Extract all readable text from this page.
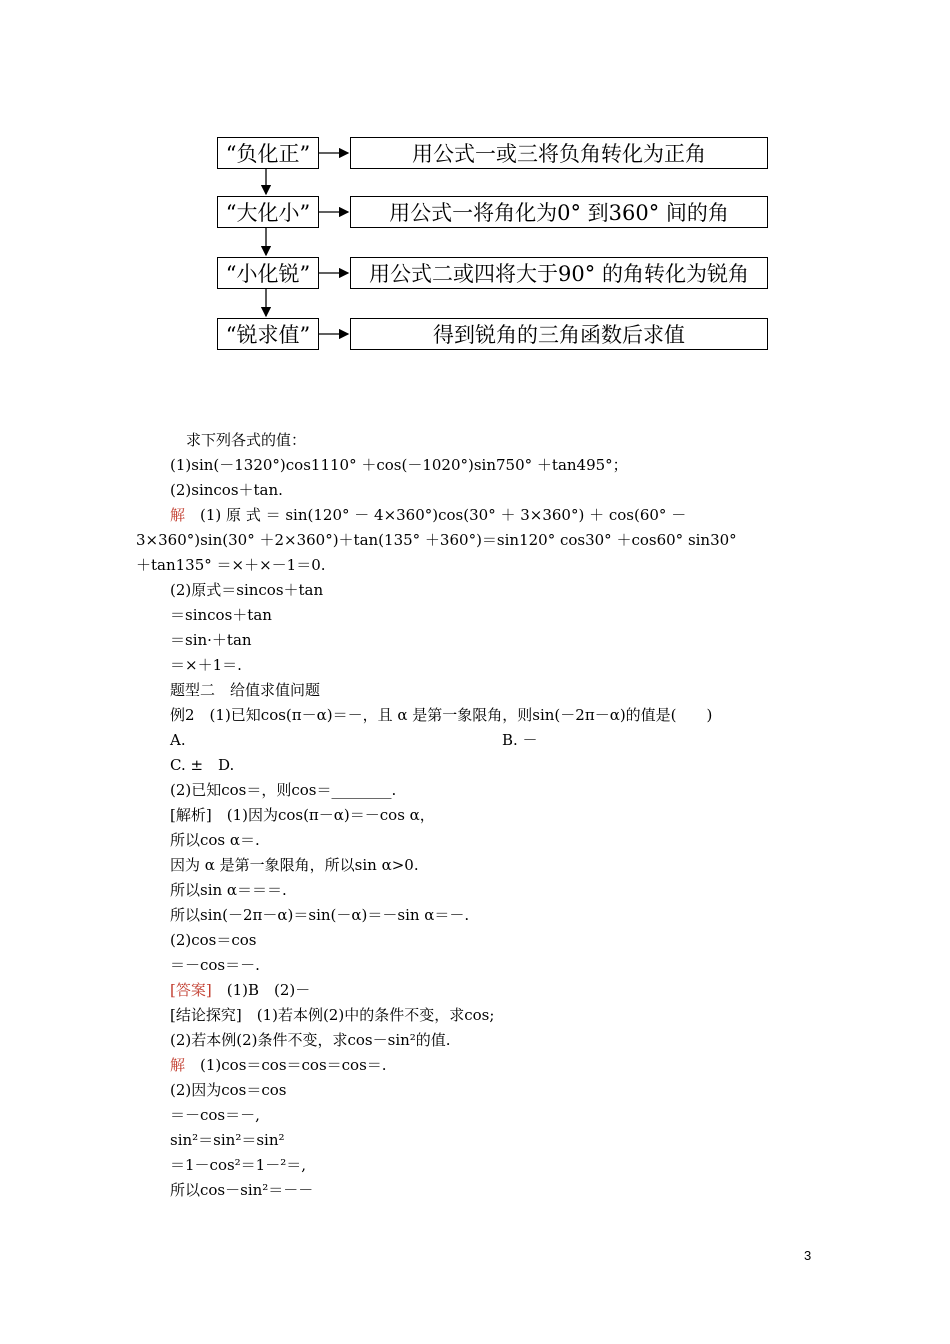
“负化正”	用公式一或三将负角转化为正角
“大化小”	用公式一将角化为0° 到360° 间的角
“小化锐”	用公式二或四将大于90° 的角转化为锐角
“锐求值”	得到锐角的三角函数后求值
求下列各式的值：
(1)sin(－1320°)cos1110° ＋cos(－1020°)sin750° ＋tan495°；
(2)sincos＋tan.
解　 (1) 原 式 ＝ sin(120° － 4×360°)cos(30° ＋ 3×360°) ＋ cos(60° －
3×360°)sin(30° ＋2×360°)＋tan(135° ＋360°)＝sin120° cos30° ＋cos60° sin30°
＋tan135° ＝×＋×－1＝0.
(2)原式＝sincos＋tan
＝sincos＋tan
＝sin·＋tan
＝×＋1＝.
题型二　给值求值问题
例2　(1)已知cos(π－α)＝－，且 α 是第一象限角，则sin(－2π－α)的值是(　　)
A.	B. －
C. ±　D.
(2)已知cos＝，则cos＝________.
[解析]　(1)因为cos(π－α)＝－cos α，
所以cos α＝.
因为 α 是第一象限角，所以sin α>0.
所以sin α＝＝＝.
所以sin(－2π－α)＝sin(－α)＝－sin α＝－.
(2)cos＝cos
＝－cos＝－.
[答案]　(1)B　(2)－
[结论探究]　(1)若本例(2)中的条件不变，求cos;
(2)若本例(2)条件不变，求cos－sin²的值.
解　(1)cos＝cos＝cos＝cos＝.
(2)因为cos＝cos
＝－cos＝－,
sin²＝sin²＝sin²
＝1－cos²＝1－²＝,
所以cos－sin²＝－－
3
